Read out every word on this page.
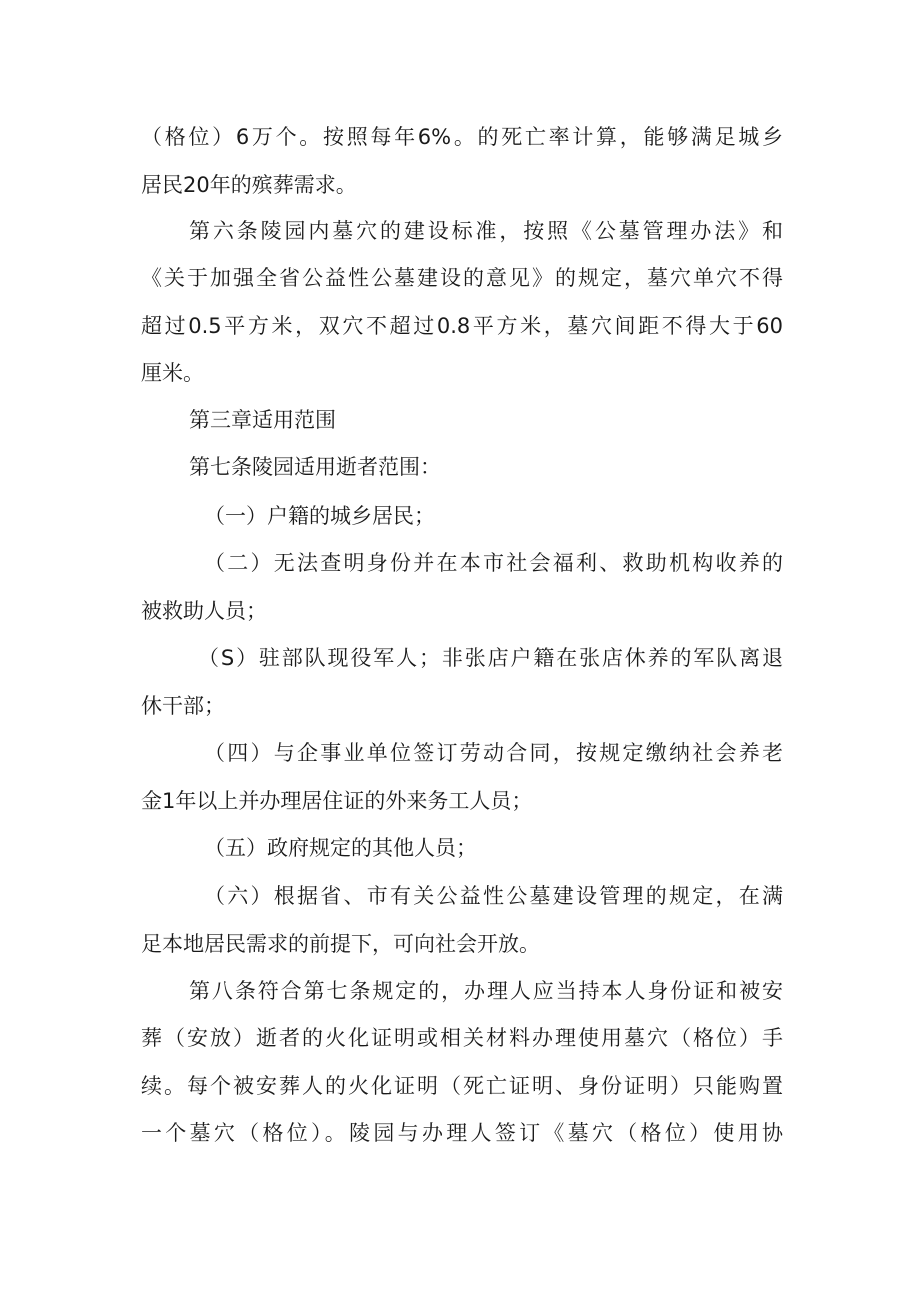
（格位）6万个。按照每年6%。的死亡率计算，能够满足城乡
居民20年的殡葬需求。
第六条陵园内墓穴的建设标准，按照《公墓管理办法》和
《关于加强全省公益性公墓建设的意见》的规定，墓穴单穴不得
超过0.5平方米，双穴不超过0.8平方米，墓穴间距不得大于60
厘米。
第三章适用范围
第七条陵园适用逝者范围：
（一）户籍的城乡居民；
（二）无法查明身份并在本市社会福利、救助机构收养的
被救助人员；
（S）驻部队现役军人；非张店户籍在张店休养的军队离退
休干部；
（四）与企事业单位签订劳动合同，按规定缴纳社会养老
金1年以上并办理居住证的外来务工人员；
（五）政府规定的其他人员；
（六）根据省、市有关公益性公墓建设管理的规定，在满
足本地居民需求的前提下，可向社会开放。
第八条符合第七条规定的，办理人应当持本人身份证和被安
葬（安放）逝者的火化证明或相关材料办理使用墓穴（格位）手
续。每个被安葬人的火化证明（死亡证明、身份证明）只能购置
一个墓穴（格位）。陵园与办理人签订《墓穴（格位）使用协
